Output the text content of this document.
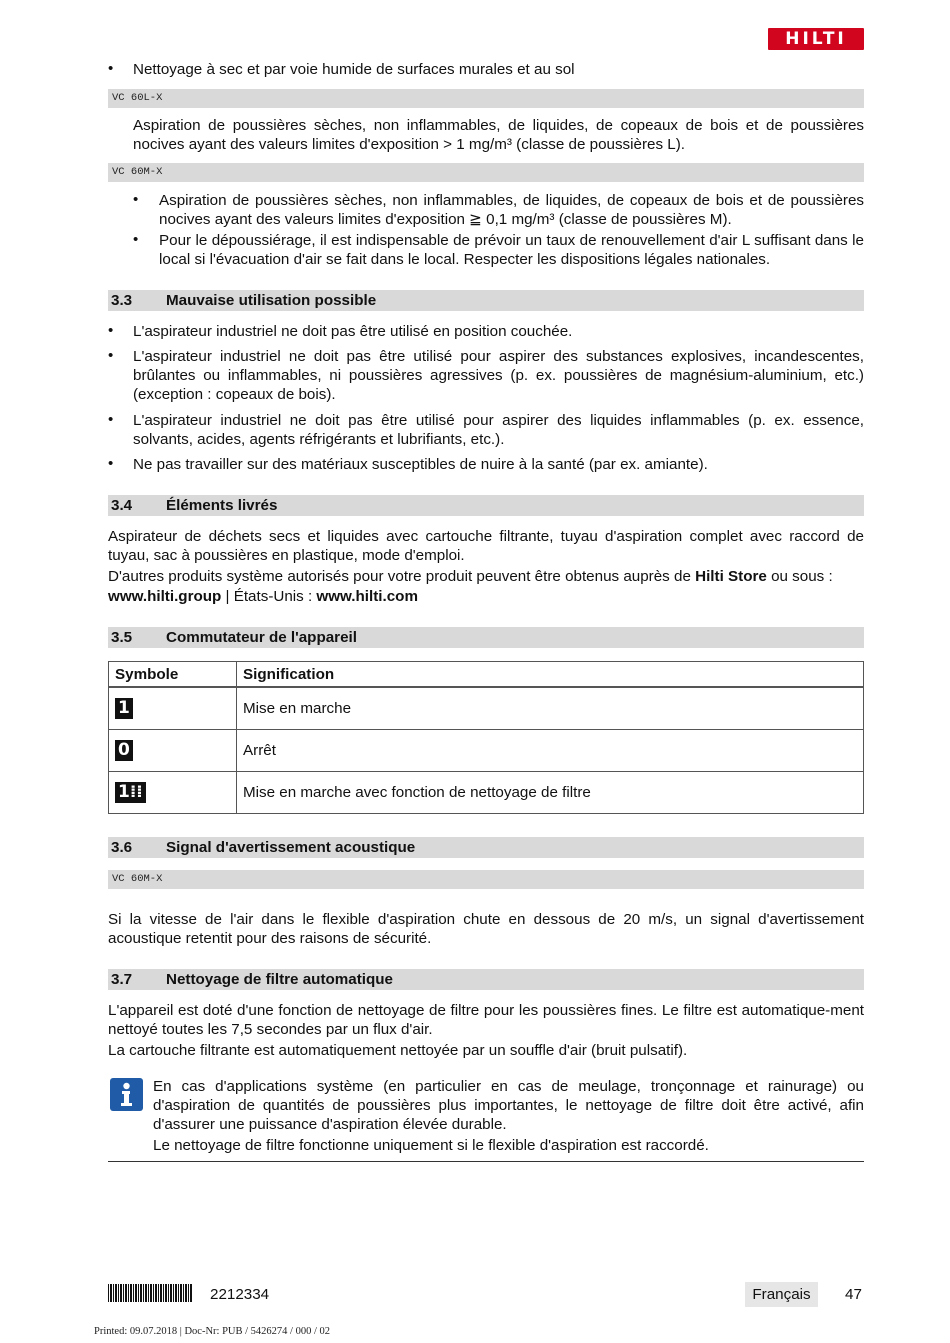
HILTI
• Nettoyage à sec et par voie humide de surfaces murales et au sol
VC 60L-X
Aspiration de poussières sèches, non inflammables, de liquides, de copeaux de bois et de poussières nocives ayant des valeurs limites d'exposition > 1 mg/m³ (classe de poussières L).
VC 60M-X
• Aspiration de poussières sèches, non inflammables, de liquides, de copeaux de bois et de poussières nocives ayant des valeurs limites d'exposition ≧ 0,1 mg/m³ (classe de poussières M).
• Pour le dépoussiérage, il est indispensable de prévoir un taux de renouvellement d'air L suffisant dans le local si l'évacuation d'air se fait dans le local. Respecter les dispositions légales nationales.
3.3 Mauvaise utilisation possible
• L'aspirateur industriel ne doit pas être utilisé en position couchée.
• L'aspirateur industriel ne doit pas être utilisé pour aspirer des substances explosives, incandescentes, brûlantes ou inflammables, ni poussières agressives (p. ex. poussières de magnésium-aluminium, etc.) (exception : copeaux de bois).
• L'aspirateur industriel ne doit pas être utilisé pour aspirer des liquides inflammables (p. ex. essence, solvants, acides, agents réfrigérants et lubrifiants, etc.).
• Ne pas travailler sur des matériaux susceptibles de nuire à la santé (par ex. amiante).
3.4 Éléments livrés
Aspirateur de déchets secs et liquides avec cartouche filtrante, tuyau d'aspiration complet avec raccord de tuyau, sac à poussières en plastique, mode d'emploi.
D'autres produits système autorisés pour votre produit peuvent être obtenus auprès de Hilti Store ou sous :
www.hilti.group | États-Unis : www.hilti.com
3.5 Commutateur de l'appareil
Symbole	Signification
1	Mise en marche
0	Arrêt
1⁞⁞	Mise en marche avec fonction de nettoyage de filtre
3.6 Signal d'avertissement acoustique
VC 60M-X
Si la vitesse de l'air dans le flexible d'aspiration chute en dessous de 20 m/s, un signal d'avertissement acoustique retentit pour des raisons de sécurité.
3.7 Nettoyage de filtre automatique
L'appareil est doté d'une fonction de nettoyage de filtre pour les poussières fines. Le filtre est automatique-ment nettoyé toutes les 7,5 secondes par un flux d'air.
La cartouche filtrante est automatiquement nettoyée par un souffle d'air (bruit pulsatif).
En cas d'applications système (en particulier en cas de meulage, tronçonnage et rainurage) ou d'aspiration de quantités de poussières plus importantes, le nettoyage de filtre doit être activé, afin d'assurer une puissance d'aspiration élevée durable.
Le nettoyage de filtre fonctionne uniquement si le flexible d'aspiration est raccordé.
2212334	Français	47
Printed: 09.07.2018 | Doc-Nr: PUB / 5426274 / 000 / 02
